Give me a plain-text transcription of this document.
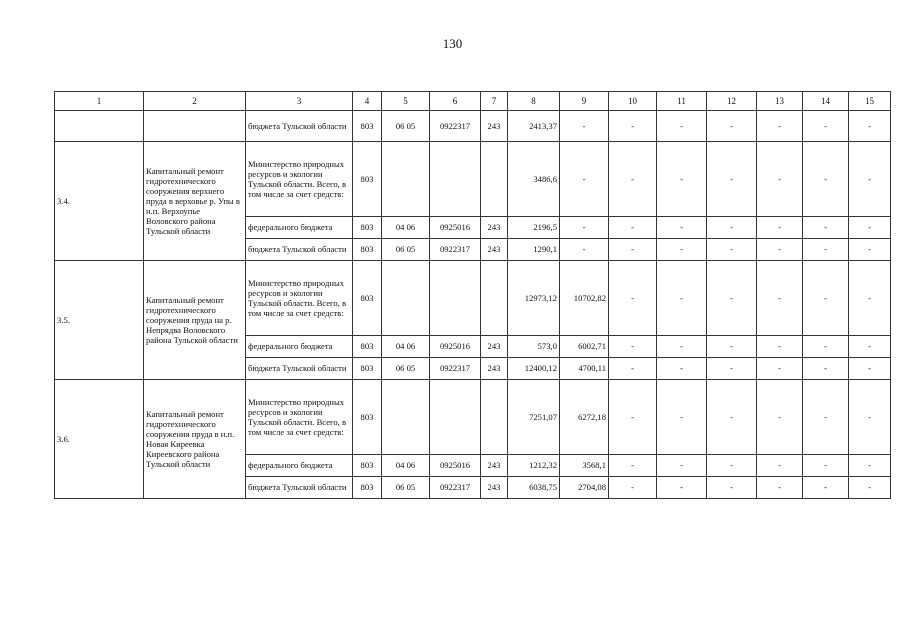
130
1	2	3	4	5	6	7	8	9	10	11	12	13	14	15
		бюджета Тульской области	803	06 05	0922317	243	2413,37	-	-	-	-	-	-	-
3.4.	Капитальный ремонт гидротехнического сооружения верхнего пруда в верховье р. Упы в н.п. Верхоупье Воловского района Тульской области	Министерство природных ресурсов и экологии Тульской области. Всего, в том числе за счет средств:	803				3486,6	-	-	-	-	-	-	-
		федерального бюджета	803	04 06	0925016	243	2196,5	-	-	-	-	-	-	-
		бюджета Тульской области	803	06 05	0922317	243	1290,1	-	-	-	-	-	-	-
3.5.	Капитальный ремонт гидротехнического сооружения пруда на р. Непрядва Воловского района Тульской области	Министерство природных ресурсов и экологии Тульской области. Всего, в том числе за счет средств:	803				12973,12	10702,82	-	-	-	-	-	-
		федерального бюджета	803	04 06	0925016	243	573,0	6002,71	-	-	-	-	-	-
		бюджета Тульской области	803	06 05	0922317	243	12400,12	4700,11	-	-	-	-	-	-
3.6.	Капитальный ремонт гидротехнического сооружения пруда в н.п. Новая Киреевка Киреевского района Тульской области	Министерство природных ресурсов и экологии Тульской области. Всего, в том числе за счет средств:	803				7251,07	6272,18	-	-	-	-	-	-
		федерального бюджета	803	04 06	0925016	243	1212,32	3568,1	-	-	-	-	-	-
		бюджета Тульской области	803	06 05	0922317	243	6038,75	2704,08	-	-	-	-	-	-
